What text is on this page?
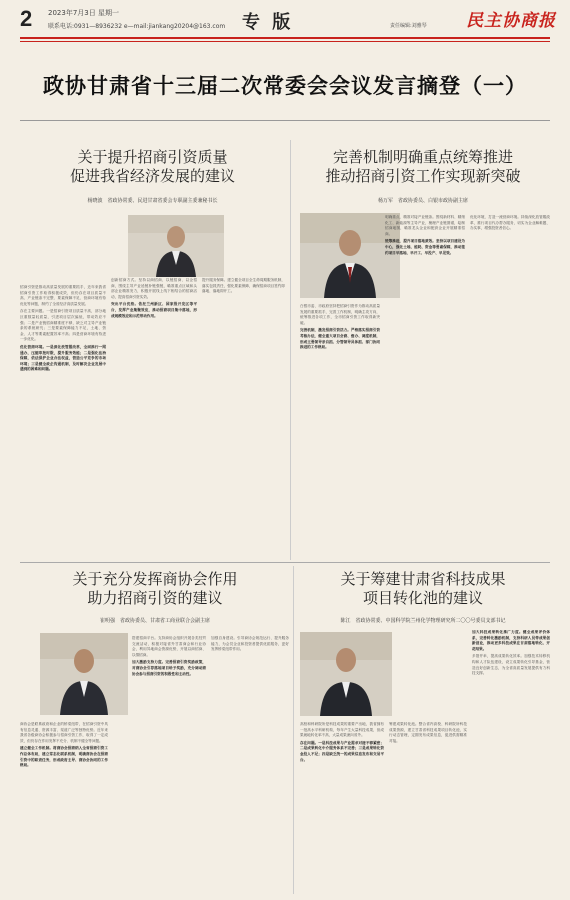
2 2023年7月3日 星期一
联系电话:0931—8936232 e—mail:jiankang20204@163.com 专 版	责任编辑:刘雅琴 民主协商报
政协甘肃省十三届二次常委会会议发言摘登（一）
关于提升招商引资质量
促进我省经济发展的建议
杨晓波　省政协常委、民进甘肃省委会专职副主委兼秘书长

招商引资是推动高质量发展的重要抓手，近年来我省招商引资工作取得积极成效，但仍存在项目质量不高、产业链条不完整、要素保障不足、营商环境有待优化等问题，制约了全省经济高质量发展。

存在主要问题。一是招商引资项目质量不高，部分地区重数量轻质量，引进项目层次偏低，带动效应不强；二是产业链招商精准度不够，缺乏对主导产业链条的系统研究；三是要素保障能力不足，土地、资金、人才等要素配置效率不高；四是营商环境有待进一步优化。

优化营商环境。一是深化放管服改革，全面推行一网通办，压缩审批时限，提升服务效能；二是强化法治保障，依法保护企业合法权益，营造公平竞争的市场环境；三是健全政企沟通机制，及时解决企业发展中遇到的困难和问题。

创新招商方式。坚持以商招商、以链招商、以企招商，围绕主导产业延链补链强链，瞄准重点区域和头部企业精准发力，积极开展线上线下相结合的招商活动，提高招商引资实效。

突出平台优势。依托兰州新区、国家级开发区等平台，发挥产业集聚效应，推动招商项目集中落地，形成规模效应和示范带动作用。

提升服务保障。建立健全项目全生命周期服务机制，落实包抓责任，强化要素保障，确保招商项目签约即落地、落地即开工。

完善机制明确重点统筹推进
推动招商引资工作实现新突破
杨万军　省政协委员、白银市政协副主席

白银市委、市政府坚持把招商引资作为推动高质量发展的重要抓手，完善工作机制，明确主攻方向，统筹推进各项工作，全市招商引资工作取得新突破。

完善机制，激发招商引资活力。严格落实招商引资考核办法，健全重大项目会商、督办、调度机制，形成主要领导亲自抓、分管领导具体抓、部门协同推进的工作格局。

明确重点，精准对接产业链条。围绕新材料、精细化工、新能源等主导产业，梳理产业链图谱，绘制招商地图，瞄准龙头企业和配套企业开展精准招商。

统筹推进，提升项目落地质效。坚持以项目建设为中心，强化土地、能耗、资金等要素保障，推动签约项目早落地、早开工、早投产、早见效。

优化环境，打造一流营商环境。持续深化放管服改革，推行项目代办帮办服务，切实为企业解难题、办实事，增强投资者信心。

关于充分发挥商协会作用
助力招商引资的建议
崔明强　省政协委员、甘肃省工商业联合会副主席

商协会是联系政府和企业的桥梁纽带，在招商引资中具有信息灵通、资源丰富、渠道广泛等独特优势。近年来我省各级商协会积极参与招商引资工作，取得了一定成效，但仍存在作用发挥不充分、机制不健全等问题。

建立健全工作机制。将商协会招商纳入全省招商引资工作总体布局，建立常态化联系机制，明确商协会在招商引资中的职责任务，形成政府主导、商协会协同的工作格局。

搭建招商平台。支持商协会组织开展各类经贸交流活动，积极对接省外甘肃商会和行业协会，利用异地商会资源优势，开展以商招商、以情招商。

加大激励支持力度。完善招商引资奖励政策，对商协会引荐落地项目给予奖励，充分调动商协会参与招商引资的积极性和主动性。

加强自身建设。引导商协会规范运行、提升服务能力，为会员企业和投资者提供优质服务，更好发挥桥梁纽带作用。

关于筹建甘肃省科技成果
项目转化池的建议
陈江　省政协常委、中国科学院兰州化学物理研究所二〇〇号委员支部书记

高校和科研院所是科技成果的重要产出地，我省拥有一批高水平科研机构，每年产生大量科技成果，但成果就地转化率不高，大量成果流向省外。

存在问题。一是科技成果与产业需求对接不够紧密；二是成果转化中介服务体系不完善；三是成果转化资金投入不足；四是缺乏统一的成果信息发布和交易平台。

筹建成果转化池。整合省内高校、科研院所科技成果资源，建立甘肃省科技成果项目转化池，实行动态管理，定期发布成果信息，促进供需精准对接。

加大科技成果转化推广力度。健全成果评价体系，完善转化激励机制，支持科研人员带成果创新创业，推动更多科技成果在甘肃落地转化、开花结果。

多措并举，提高成果转化效率。加强技术转移机构和人才队伍建设，设立成果转化引导基金，营造良好创新生态，为全省高质量发展提供有力科技支撑。
